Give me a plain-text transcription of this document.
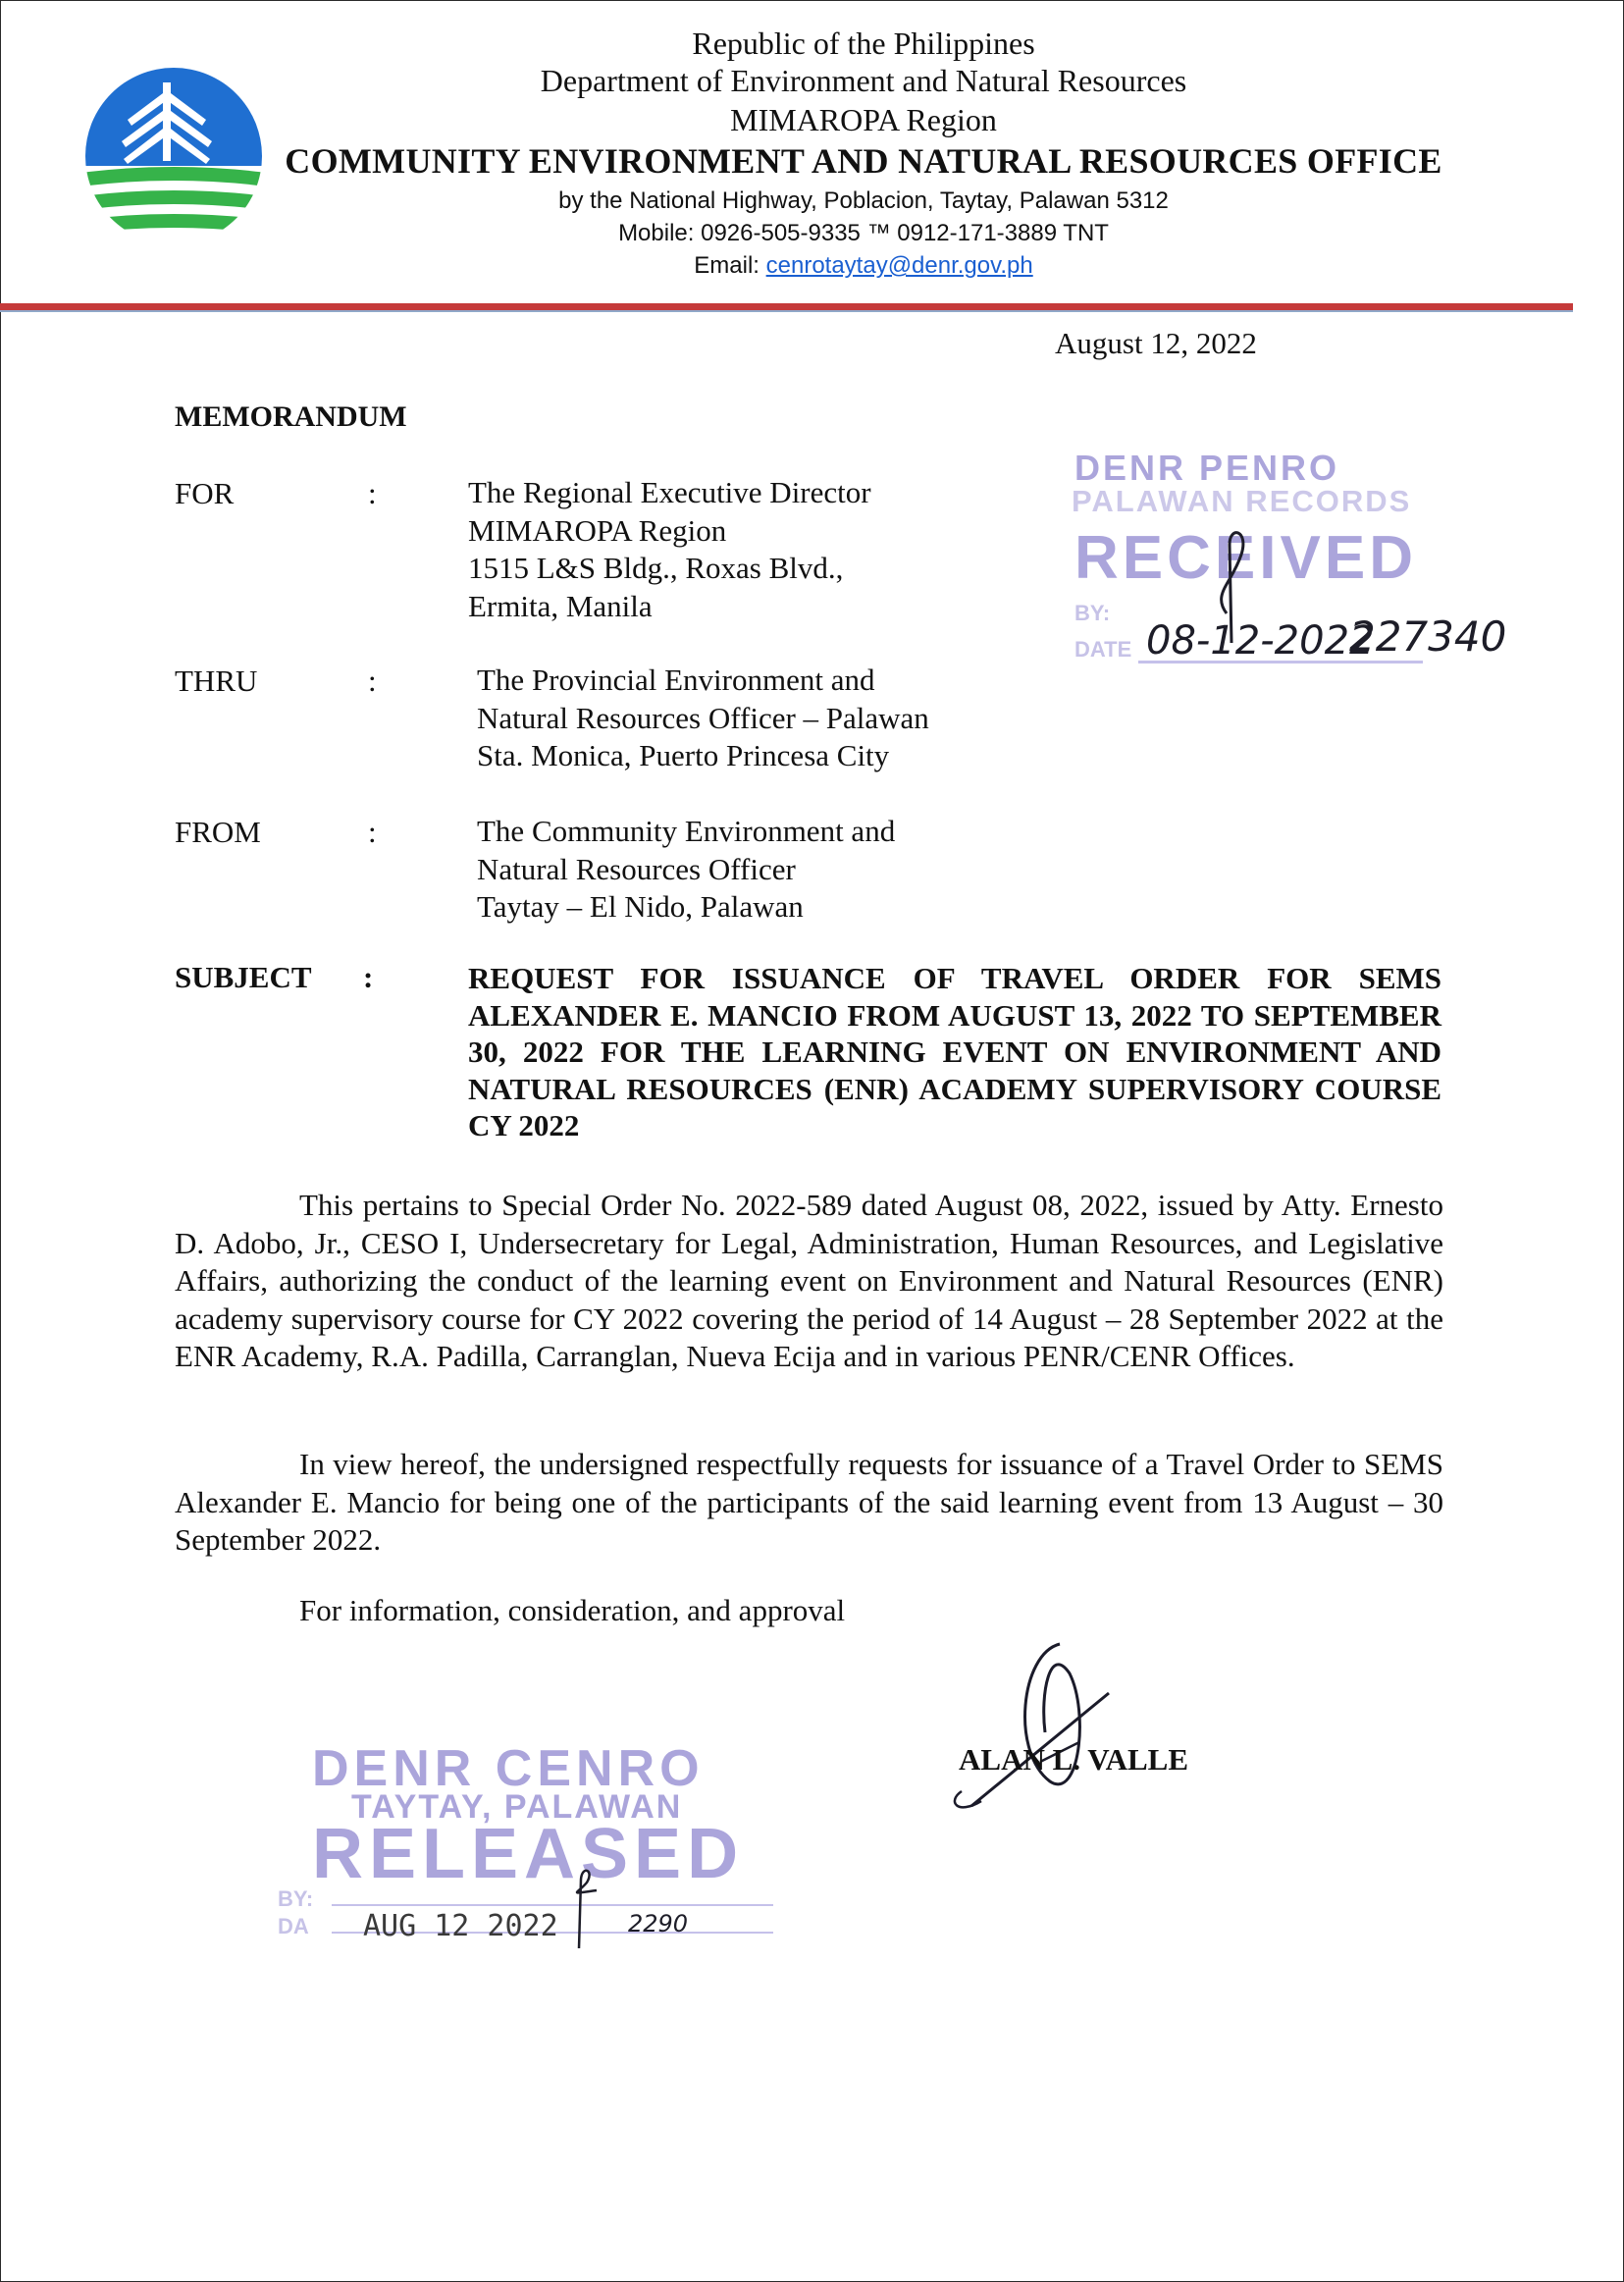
Republic of the Philippines
Department of Environment and Natural Resources
MIMAROPA Region
COMMUNITY ENVIRONMENT AND NATURAL RESOURCES OFFICE
by the National Highway, Poblacion, Taytay, Palawan 5312
Mobile: 0926-505-9335 ™ 0912-171-3889 TNT
Email: cenrotaytay@denr.gov.ph
August 12, 2022
MEMORANDUM
FOR	:	The Regional Executive Director
MIMAROPA Region
1515 L&S Bldg., Roxas Blvd.,
Ermita, Manila
THRU	:	The Provincial Environment and
Natural Resources Officer – Palawan
Sta. Monica, Puerto Princesa City
FROM	:	The Community Environment and
Natural Resources Officer
Taytay – El Nido, Palawan
SUBJECT :	REQUEST FOR ISSUANCE OF TRAVEL ORDER FOR SEMS ALEXANDER E. MANCIO FROM AUGUST 13, 2022 TO SEPTEMBER 30, 2022 FOR THE LEARNING EVENT ON ENVIRONMENT AND NATURAL RESOURCES (ENR) ACADEMY SUPERVISORY COURSE CY 2022
This pertains to Special Order No. 2022-589 dated August 08, 2022, issued by Atty. Ernesto D. Adobo, Jr., CESO I, Undersecretary for Legal, Administration, Human Resources, and Legislative Affairs, authorizing the conduct of the learning event on Environment and Natural Resources (ENR) academy supervisory course for CY 2022 covering the period of 14 August – 28 September 2022 at the ENR Academy, R.A. Padilla, Carranglan, Nueva Ecija and in various PENR/CENR Offices.
In view hereof, the undersigned respectfully requests for issuance of a Travel Order to SEMS Alexander E. Mancio for being one of the participants of the said learning event from 13 August – 30 September 2022.
For information, consideration, and approval
ALAN L. VALLE
DENR PENRO
PALAWAN RECORDS
RECEIVED
BY:
DATE 08-12-2022
227340
DENR CENRO
TAYTAY, PALAWAN
RELEASED
BY:
DA AUG 12 2022	2290
